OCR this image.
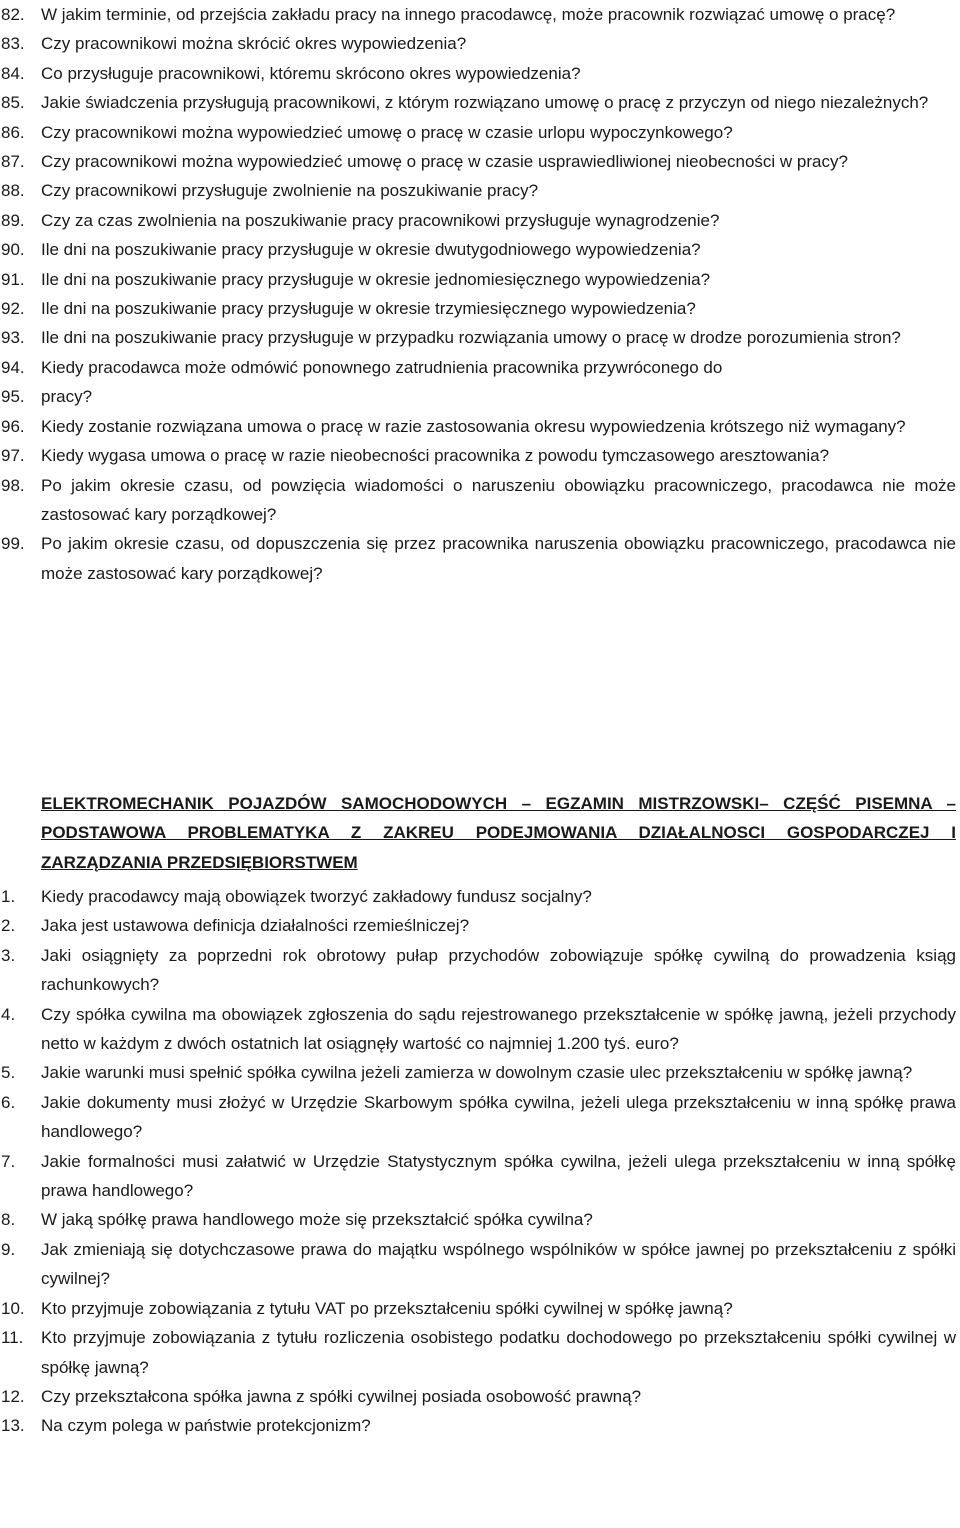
82. W jakim terminie, od przejścia zakładu pracy na innego pracodawcę, może pracownik rozwiązać umowę o pracę?

83. Czy pracownikowi można skrócić okres wypowiedzenia?

84. Co przysługuje pracownikowi, któremu skrócono okres wypowiedzenia?

85. Jakie świadczenia przysługują pracownikowi, z którym rozwiązano umowę o pracę z przyczyn od niego niezależnych?

86. Czy pracownikowi można wypowiedzieć umowę o pracę w czasie urlopu wypoczynkowego?

87. Czy pracownikowi można wypowiedzieć umowę o pracę w czasie usprawiedliwionej nieobecności w pracy?

88. Czy pracownikowi przysługuje zwolnienie na poszukiwanie pracy?

89. Czy za czas zwolnienia na poszukiwanie pracy pracownikowi przysługuje wynagrodzenie?

90. Ile dni na poszukiwanie pracy przysługuje w okresie dwutygodniowego wypowiedzenia?

91. Ile dni na poszukiwanie pracy przysługuje w okresie jednomiesięcznego wypowiedzenia?

92. Ile dni na poszukiwanie pracy przysługuje w okresie trzymiesięcznego wypowiedzenia?

93. Ile dni na poszukiwanie pracy przysługuje w przypadku rozwiązania umowy o pracę w drodze porozumienia stron?

94. Kiedy pracodawca może odmówić ponownego zatrudnienia pracownika przywróconego do

95. pracy?

96. Kiedy zostanie rozwiązana umowa o pracę w razie zastosowania okresu wypowiedzenia krótszego niż wymagany?

97. Kiedy wygasa umowa o pracę w razie nieobecności pracownika z powodu tymczasowego aresztowania?

98. Po jakim okresie czasu, od powzięcia wiadomości o naruszeniu obowiązku pracowniczego, pracodawca nie może zastosować kary porządkowej?

99. Po jakim okresie czasu, od dopuszczenia się przez pracownika naruszenia obowiązku pracowniczego, pracodawca nie może zastosować kary porządkowej?

ELEKTROMECHANIK POJAZDÓW SAMOCHODOWYCH – EGZAMIN MISTRZOWSKI– CZĘŚĆ PISEMNA – PODSTAWOWA PROBLEMATYKA Z ZAKREU PODEJMOWANIA DZIAŁALNOSCI GOSPODARCZEJ I ZARZĄDZANIA PRZEDSIĘBIORSTWEM

1.	Kiedy pracodawcy mają obowiązek tworzyć zakładowy fundusz socjalny?

2.	Jaka jest ustawowa definicja działalności rzemieślniczej?

3.	Jaki osiągnięty za poprzedni rok obrotowy pułap przychodów zobowiązuje spółkę cywilną do prowadzenia ksiąg rachunkowych?

4.	Czy spółka cywilna ma obowiązek zgłoszenia do sądu rejestrowanego przekształcenie w spółkę jawną, jeżeli przychody netto w każdym z dwóch ostatnich lat osiągnęły wartość co najmniej 1.200 tyś. euro?

5.	Jakie warunki musi spełnić spółka cywilna jeżeli zamierza w dowolnym czasie ulec przekształceniu w spółkę jawną?

6.	Jakie dokumenty musi złożyć w Urzędzie Skarbowym spółka cywilna, jeżeli ulega przekształceniu w inną spółkę prawa handlowego?

7.	Jakie formalności musi załatwić w Urzędzie Statystycznym spółka cywilna, jeżeli ulega przekształceniu w inną spółkę prawa handlowego?

8.	W jaką spółkę prawa handlowego może się przekształcić spółka cywilna?

9.	Jak zmieniają się dotychczasowe prawa do majątku wspólnego wspólników w spółce jawnej po przekształceniu z spółki cywilnej?

10. Kto przyjmuje zobowiązania z tytułu VAT po przekształceniu spółki cywilnej w spółkę jawną?

11.	Kto przyjmuje zobowiązania z tytułu rozliczenia osobistego podatku dochodowego po przekształceniu spółki cywilnej w spółkę jawną?

12. Czy przekształcona spółka jawna z spółki cywilnej posiada osobowość prawną?

13. Na czym polega w państwie protekcjonizm?
